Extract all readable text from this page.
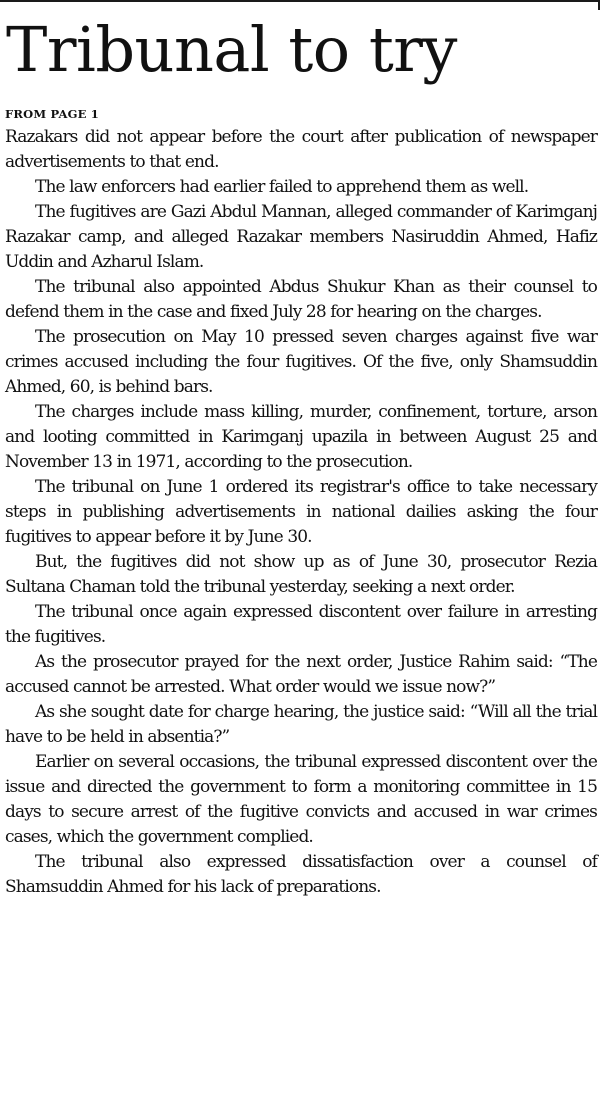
Tribunal to try
FROM PAGE 1

Razakars did not appear before the court after publication of newspaper advertisements to that end.

The law enforcers had earlier failed to apprehend them as well.

The fugitives are Gazi Abdul Mannan, alleged commander of Karimganj Razakar camp, and alleged Razakar members Nasiruddin Ahmed, Hafiz Uddin and Azharul Islam.

The tribunal also appointed Abdus Shukur Khan as their counsel to defend them in the case and fixed July 28 for hearing on the charges.

The prosecution on May 10 pressed seven charges against five war crimes accused including the four fugitives. Of the five, only Shamsuddin Ahmed, 60, is behind bars.

The charges include mass killing, murder, confinement, torture, arson and looting committed in Karimganj upazila in between August 25 and November 13 in 1971, according to the prosecution.

The tribunal on June 1 ordered its registrar's office to take necessary steps in publishing advertisements in national dailies asking the four fugitives to appear before it by June 30.

But, the fugitives did not show up as of June 30, prosecutor Rezia Sultana Chaman told the tribunal yesterday, seeking a next order.

The tribunal once again expressed discontent over failure in arresting the fugitives.

As the prosecutor prayed for the next order, Justice Rahim said: “The accused cannot be arrested. What order would we issue now?”

As she sought date for charge hearing, the justice said: “Will all the trial have to be held in absentia?”

Earlier on several occasions, the tribunal expressed discontent over the issue and directed the government to form a monitoring committee in 15 days to secure arrest of the fugitive convicts and accused in war crimes cases, which the government complied.

The tribunal also expressed dissatisfaction over a counsel of Shamsuddin Ahmed for his lack of preparations.
